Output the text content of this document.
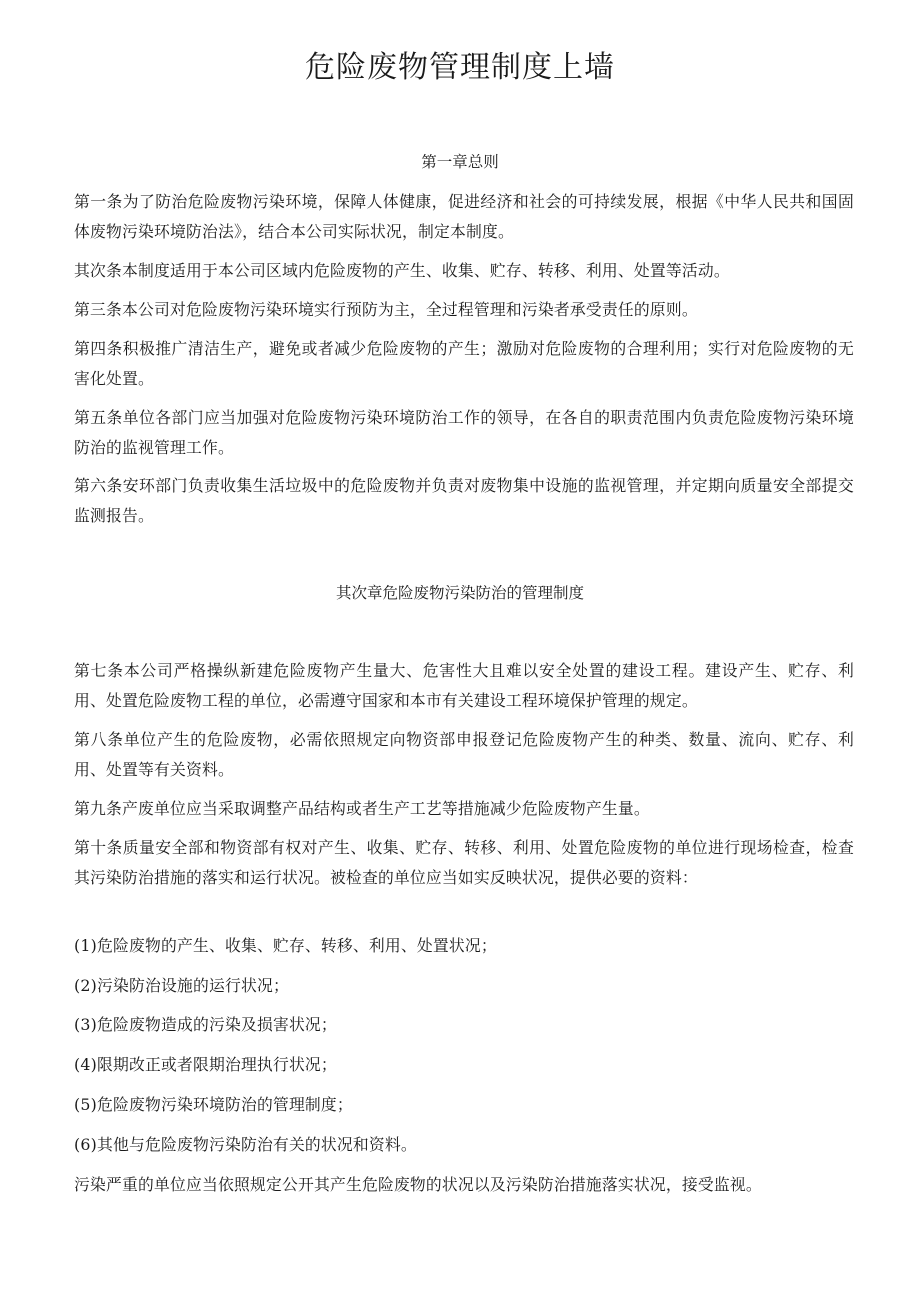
危险废物管理制度上墙
第一章总则

第一条为了防治危险废物污染环境，保障人体健康，促进经济和社会的可持续发展，根据《中华人民共和国固体废物污染环境防治法》，结合本公司实际状况，制定本制度。

其次条本制度适用于本公司区域内危险废物的产生、收集、贮存、转移、利用、处置等活动。

第三条本公司对危险废物污染环境实行预防为主，全过程管理和污染者承受责任的原则。

第四条积极推广清洁生产，避免或者减少危险废物的产生；激励对危险废物的合理利用；实行对危险废物的无害化处置。

第五条单位各部门应当加强对危险废物污染环境防治工作的领导，在各自的职责范围内负责危险废物污染环境防治的监视管理工作。

第六条安环部门负责收集生活垃圾中的危险废物并负责对废物集中设施的监视管理，并定期向质量安全部提交监测报告。

其次章危险废物污染防治的管理制度

第七条本公司严格操纵新建危险废物产生量大、危害性大且难以安全处置的建设工程。建设产生、贮存、利用、处置危险废物工程的单位，必需遵守国家和本市有关建设工程环境保护管理的规定。

第八条单位产生的危险废物，必需依照规定向物资部申报登记危险废物产生的种类、数量、流向、贮存、利用、处置等有关资料。

第九条产废单位应当采取调整产品结构或者生产工艺等措施减少危险废物产生量。

第十条质量安全部和物资部有权对产生、收集、贮存、转移、利用、处置危险废物的单位进行现场检查，检查其污染防治措施的落实和运行状况。被检查的单位应当如实反映状况，提供必要的资料：

(1)危险废物的产生、收集、贮存、转移、利用、处置状况；

(2)污染防治设施的运行状况；

(3)危险废物造成的污染及损害状况；

(4)限期改正或者限期治理执行状况；

(5)危险废物污染环境防治的管理制度；

(6)其他与危险废物污染防治有关的状况和资料。

污染严重的单位应当依照规定公开其产生危险废物的状况以及污染防治措施落实状况，接受监视。
